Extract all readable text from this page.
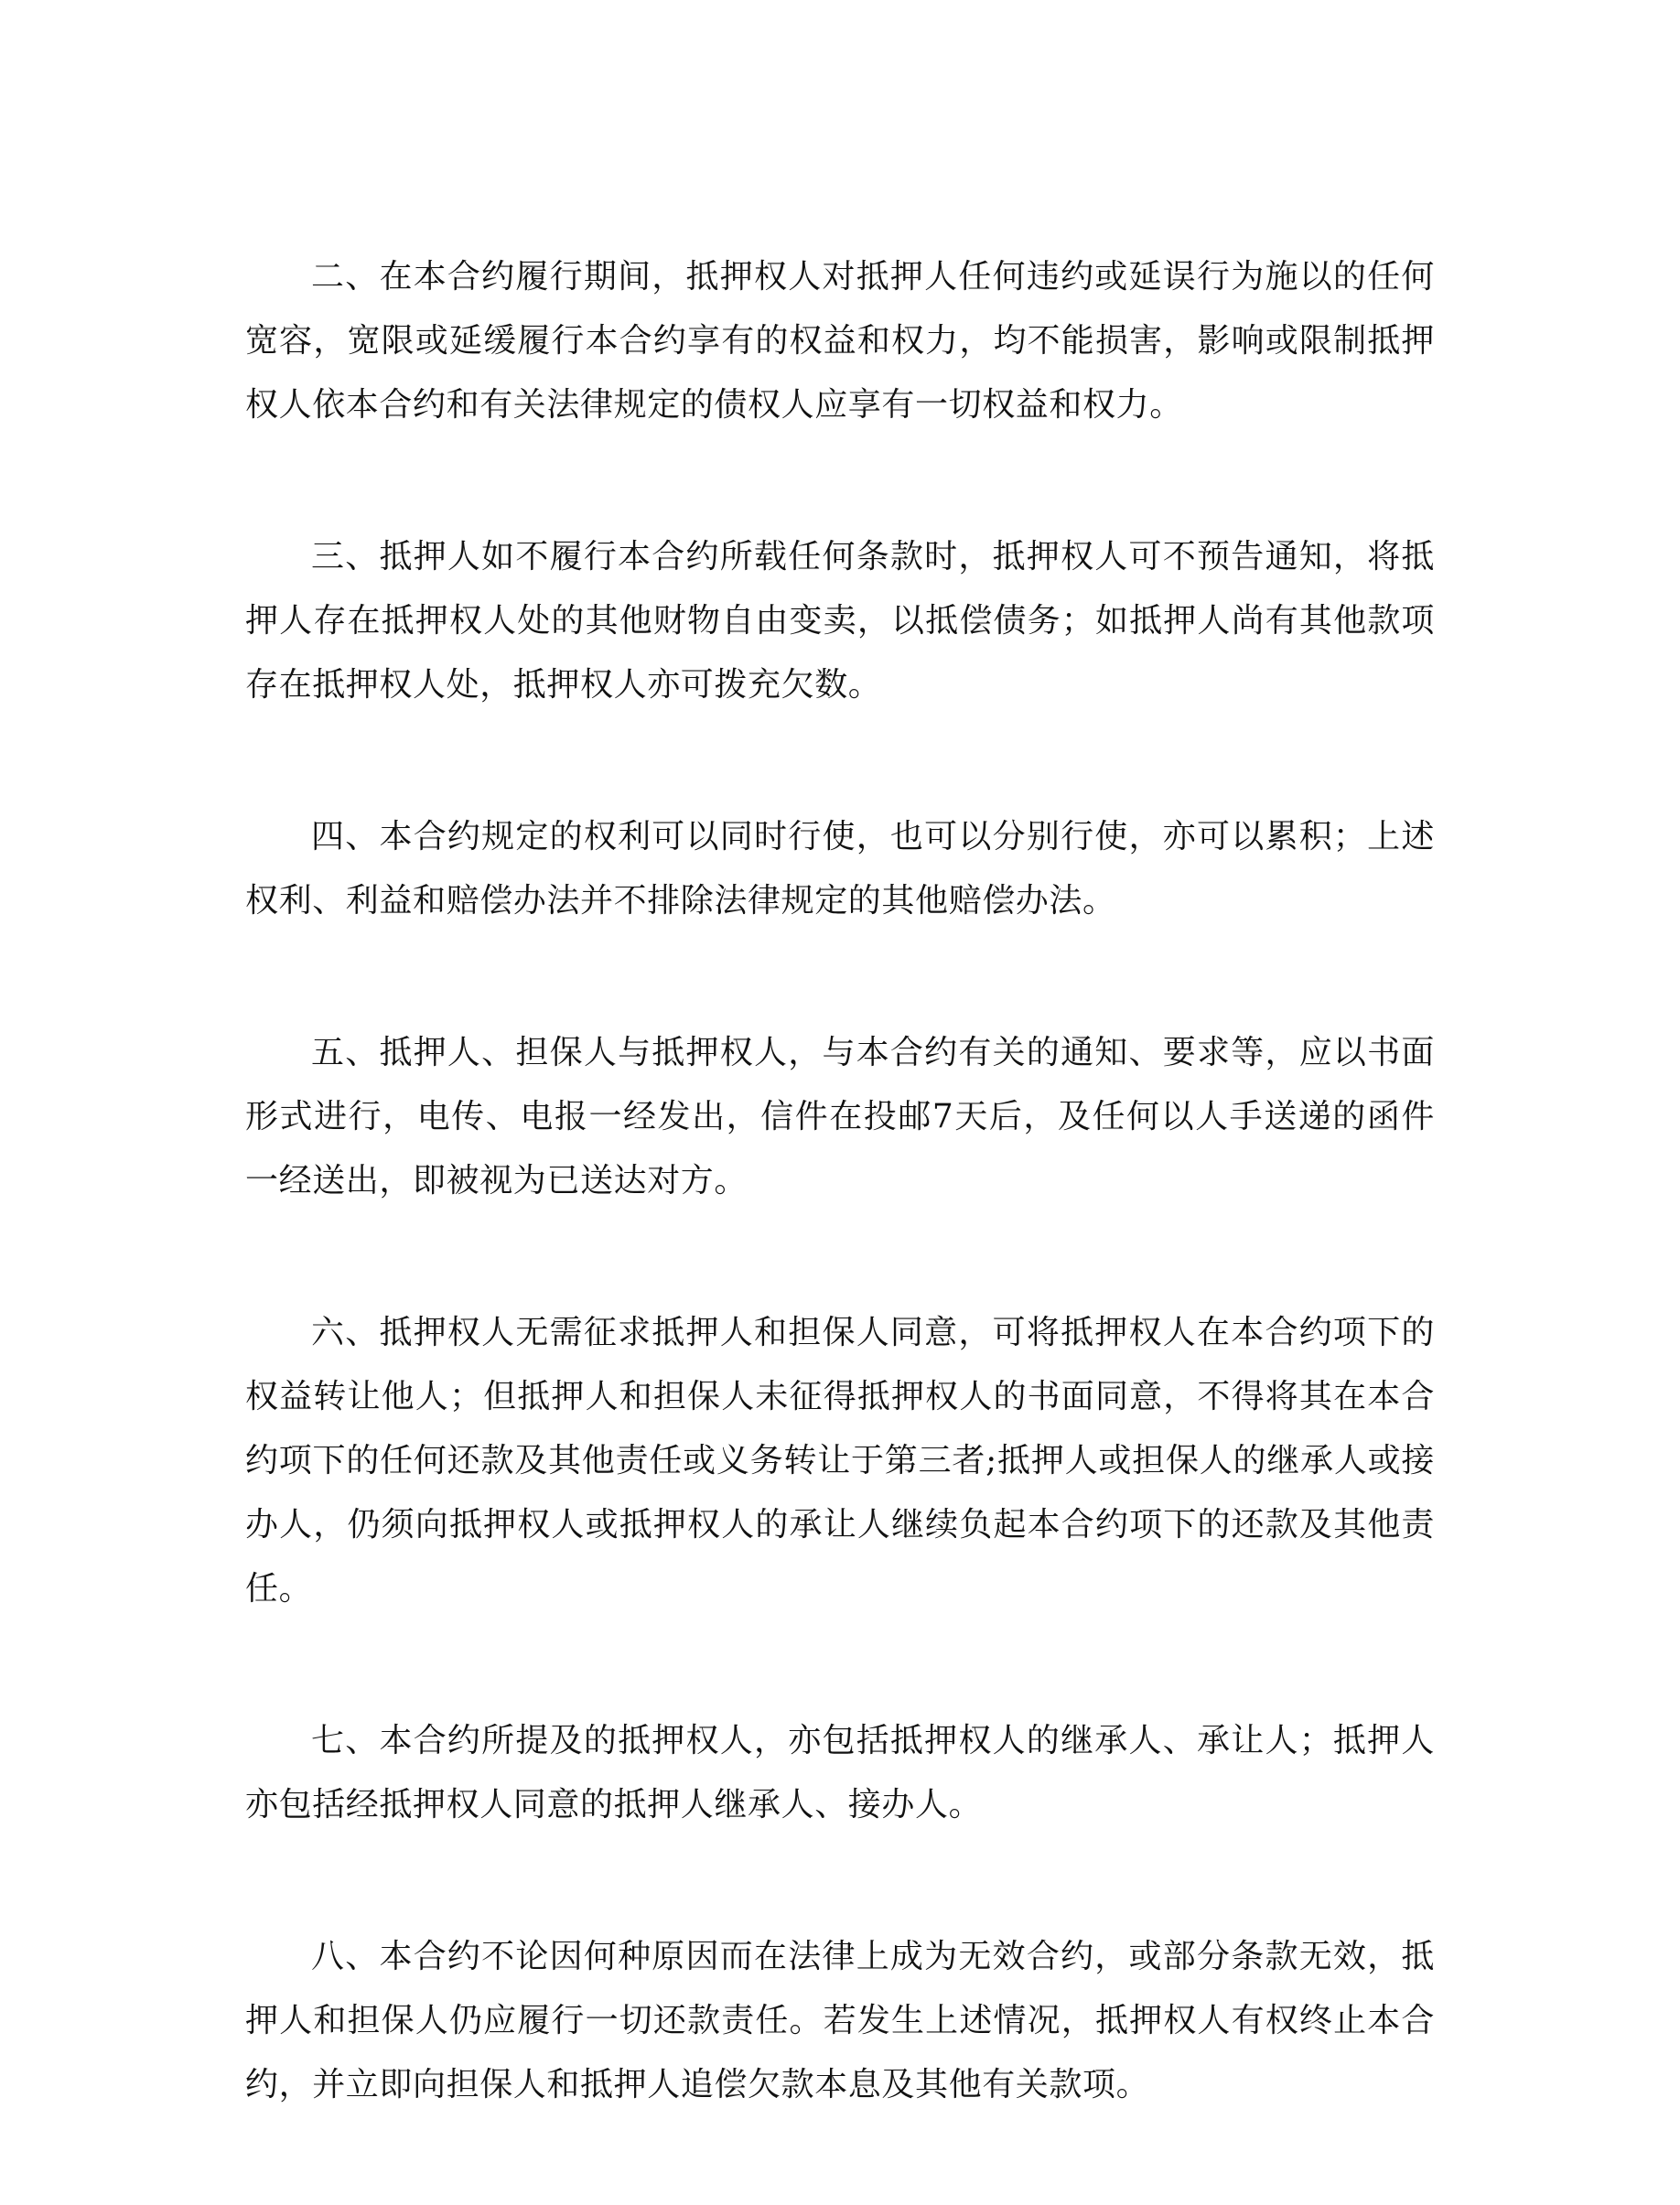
二、在本合约履行期间，抵押权人对抵押人任何违约或延误行为施以的任何宽容，宽限或延缓履行本合约享有的权益和权力，均不能损害，影响或限制抵押权人依本合约和有关法律规定的债权人应享有一切权益和权力。

三、抵押人如不履行本合约所载任何条款时，抵押权人可不预告通知，将抵押人存在抵押权人处的其他财物自由变卖，以抵偿债务；如抵押人尚有其他款项存在抵押权人处，抵押权人亦可拨充欠数。

四、本合约规定的权利可以同时行使，也可以分别行使，亦可以累积；上述权利、利益和赔偿办法并不排除法律规定的其他赔偿办法。

五、抵押人、担保人与抵押权人，与本合约有关的通知、要求等，应以书面形式进行，电传、电报一经发出，信件在投邮7天后，及任何以人手送递的函件一经送出，即被视为已送达对方。

六、抵押权人无需征求抵押人和担保人同意，可将抵押权人在本合约项下的权益转让他人；但抵押人和担保人未征得抵押权人的书面同意，不得将其在本合约项下的任何还款及其他责任或义务转让于第三者;抵押人或担保人的继承人或接办人，仍须向抵押权人或抵押权人的承让人继续负起本合约项下的还款及其他责任。

七、本合约所提及的抵押权人，亦包括抵押权人的继承人、承让人；抵押人亦包括经抵押权人同意的抵押人继承人、接办人。

八、本合约不论因何种原因而在法律上成为无效合约，或部分条款无效，抵押人和担保人仍应履行一切还款责任。若发生上述情况，抵押权人有权终止本合约，并立即向担保人和抵押人追偿欠款本息及其他有关款项。
